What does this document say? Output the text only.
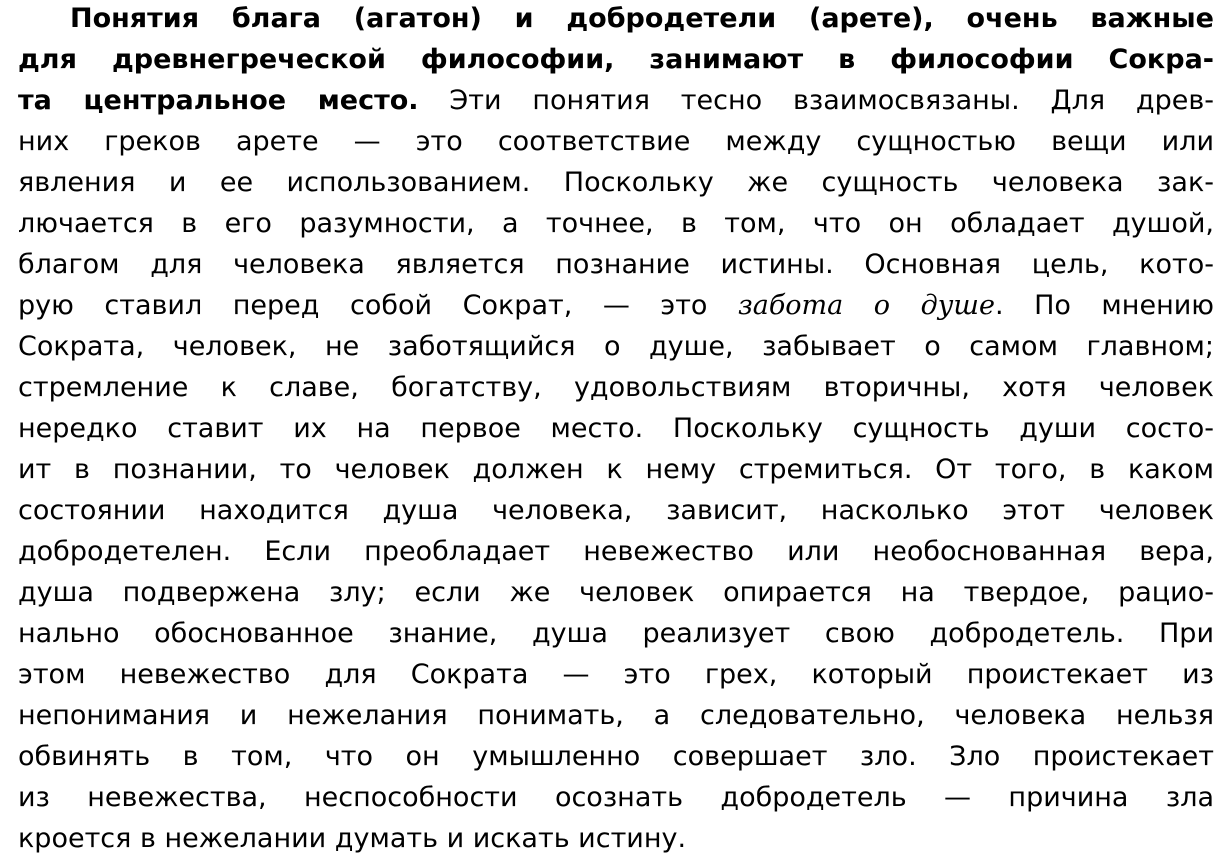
Понятия блага (агатон) и добродетели (арете), очень важные
для древнегреческой философии, занимают в философии Сокра-
та центральное место. Эти понятия тесно взаимосвязаны. Для древ-
них греков арете — это соответствие между сущностью вещи или
явления и ее использованием. Поскольку же сущность человека зак-
лючается в его разумности, а точнее, в том, что он обладает душой,
благом для человека является познание истины. Основная цель, кото-
рую ставил перед собой Сократ, — это забота о душе. По мнению
Сократа, человек, не заботящийся о душе, забывает о самом главном;
стремление к славе, богатству, удовольствиям вторичны, хотя человек
нередко ставит их на первое место. Поскольку сущность души состо-
ит в познании, то человек должен к нему стремиться. От того, в каком
состоянии находится душа человека, зависит, насколько этот человек
добродетелен. Если преобладает невежество или необоснованная вера,
душа подвержена злу; если же человек опирается на твердое, рацио-
нально обоснованное знание, душа реализует свою добродетель. При
этом невежество для Сократа — это грех, который проистекает из
непонимания и нежелания понимать, а следовательно, человека нельзя
обвинять в том, что он умышленно совершает зло. Зло проистекает
из невежества, неспособности осознать добродетель — причина зла
кроется в нежелании думать и искать истину.
